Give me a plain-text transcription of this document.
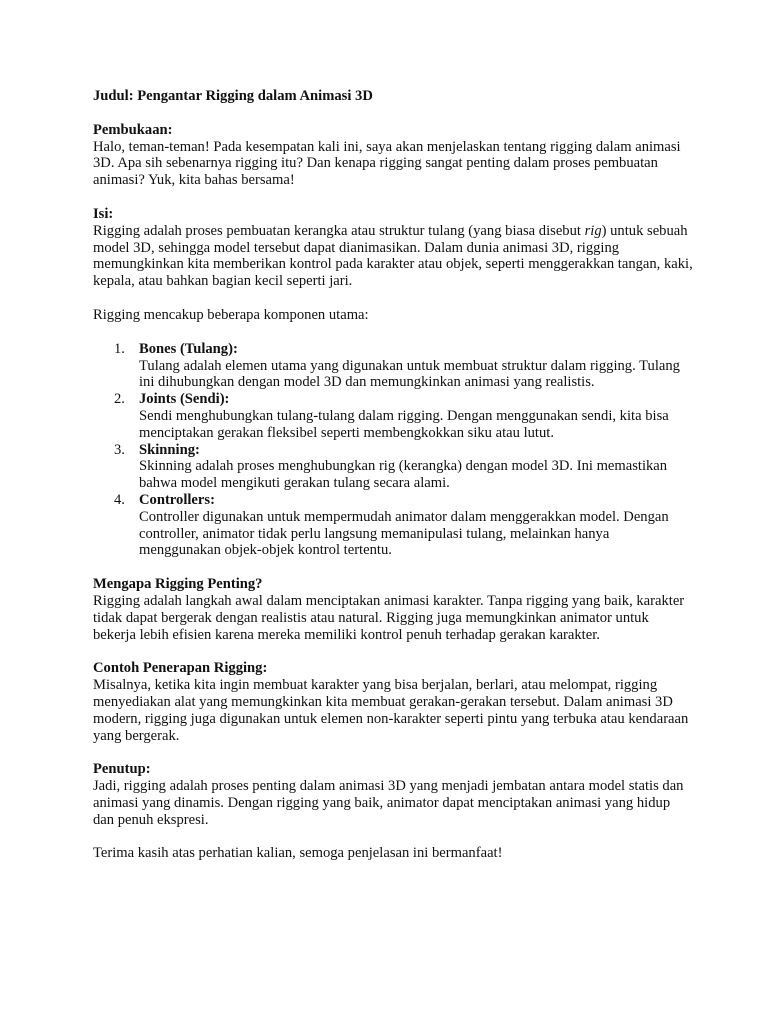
Judul: Pengantar Rigging dalam Animasi 3D

Pembukaan:

Halo, teman-teman! Pada kesempatan kali ini, saya akan menjelaskan tentang rigging dalam animasi 3D. Apa sih sebenarnya rigging itu? Dan kenapa rigging sangat penting dalam proses pembuatan animasi? Yuk, kita bahas bersama!

Isi:

Rigging adalah proses pembuatan kerangka atau struktur tulang (yang biasa disebut rig) untuk sebuah model 3D, sehingga model tersebut dapat dianimasikan. Dalam dunia animasi 3D, rigging memungkinkan kita memberikan kontrol pada karakter atau objek, seperti menggerakkan tangan, kaki, kepala, atau bahkan bagian kecil seperti jari.

Rigging mencakup beberapa komponen utama:

1. Bones (Tulang):
Tulang adalah elemen utama yang digunakan untuk membuat struktur dalam rigging. Tulang ini dihubungkan dengan model 3D dan memungkinkan animasi yang realistis.
2. Joints (Sendi):
Sendi menghubungkan tulang-tulang dalam rigging. Dengan menggunakan sendi, kita bisa menciptakan gerakan fleksibel seperti membengkokkan siku atau lutut.
3. Skinning:
Skinning adalah proses menghubungkan rig (kerangka) dengan model 3D. Ini memastikan bahwa model mengikuti gerakan tulang secara alami.
4. Controllers:
Controller digunakan untuk mempermudah animator dalam menggerakkan model. Dengan controller, animator tidak perlu langsung memanipulasi tulang, melainkan hanya menggunakan objek-objek kontrol tertentu.

Mengapa Rigging Penting?

Rigging adalah langkah awal dalam menciptakan animasi karakter. Tanpa rigging yang baik, karakter tidak dapat bergerak dengan realistis atau natural. Rigging juga memungkinkan animator untuk bekerja lebih efisien karena mereka memiliki kontrol penuh terhadap gerakan karakter.

Contoh Penerapan Rigging:

Misalnya, ketika kita ingin membuat karakter yang bisa berjalan, berlari, atau melompat, rigging menyediakan alat yang memungkinkan kita membuat gerakan-gerakan tersebut. Dalam animasi 3D modern, rigging juga digunakan untuk elemen non-karakter seperti pintu yang terbuka atau kendaraan yang bergerak.

Penutup:

Jadi, rigging adalah proses penting dalam animasi 3D yang menjadi jembatan antara model statis dan animasi yang dinamis. Dengan rigging yang baik, animator dapat menciptakan animasi yang hidup dan penuh ekspresi.

Terima kasih atas perhatian kalian, semoga penjelasan ini bermanfaat!
